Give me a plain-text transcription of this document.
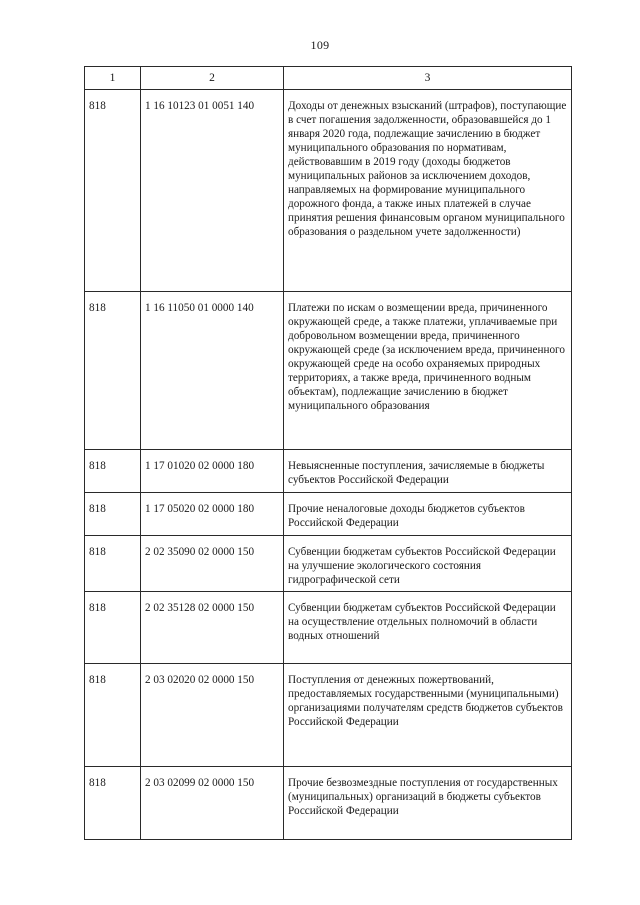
109
1	2	3

818	1 16 10123 01 0051 140	Доходы от денежных взысканий (штрафов), поступающие в счет погашения задолженности, образовавшейся до 1 января 2020 года, подлежащие зачислению в бюджет муниципального образования по нормативам, действовавшим в 2019 году (доходы бюджетов муниципальных районов за исключением доходов, направляемых на формирование муниципального дорожного фонда, а также иных платежей в случае принятия решения финансовым органом муниципального образования о раздельном учете задолженности)

818	1 16 11050 01 0000 140	Платежи по искам о возмещении вреда, причиненного окружающей среде, а также платежи, уплачиваемые при добровольном возмещении вреда, причиненного окружающей среде (за исключением вреда, причиненного окружающей среде на особо охраняемых природных территориях, а также вреда, причиненного водным объектам), подлежащие зачислению в бюджет муниципального образования

818	1 17 01020 02 0000 180	Невыясненные поступления, зачисляемые в бюджеты субъектов Российской Федерации

818	1 17 05020 02 0000 180	Прочие неналоговые доходы бюджетов субъектов Российской Федерации

818	2 02 35090 02 0000 150	Субвенции бюджетам субъектов Российской Федерации на улучшение экологического состояния гидрографической сети

818	2 02 35128 02 0000 150	Субвенции бюджетам субъектов Российской Федерации на осуществление отдельных полномочий в области водных отношений

818	2 03 02020 02 0000 150	Поступления от денежных пожертвований, предоставляемых государственными (муниципальными) организациями получателям средств бюджетов субъектов Российской Федерации

818	2 03 02099 02 0000 150	Прочие безвозмездные поступления от государственных (муниципальных) организаций в бюджеты субъектов Российской Федерации
